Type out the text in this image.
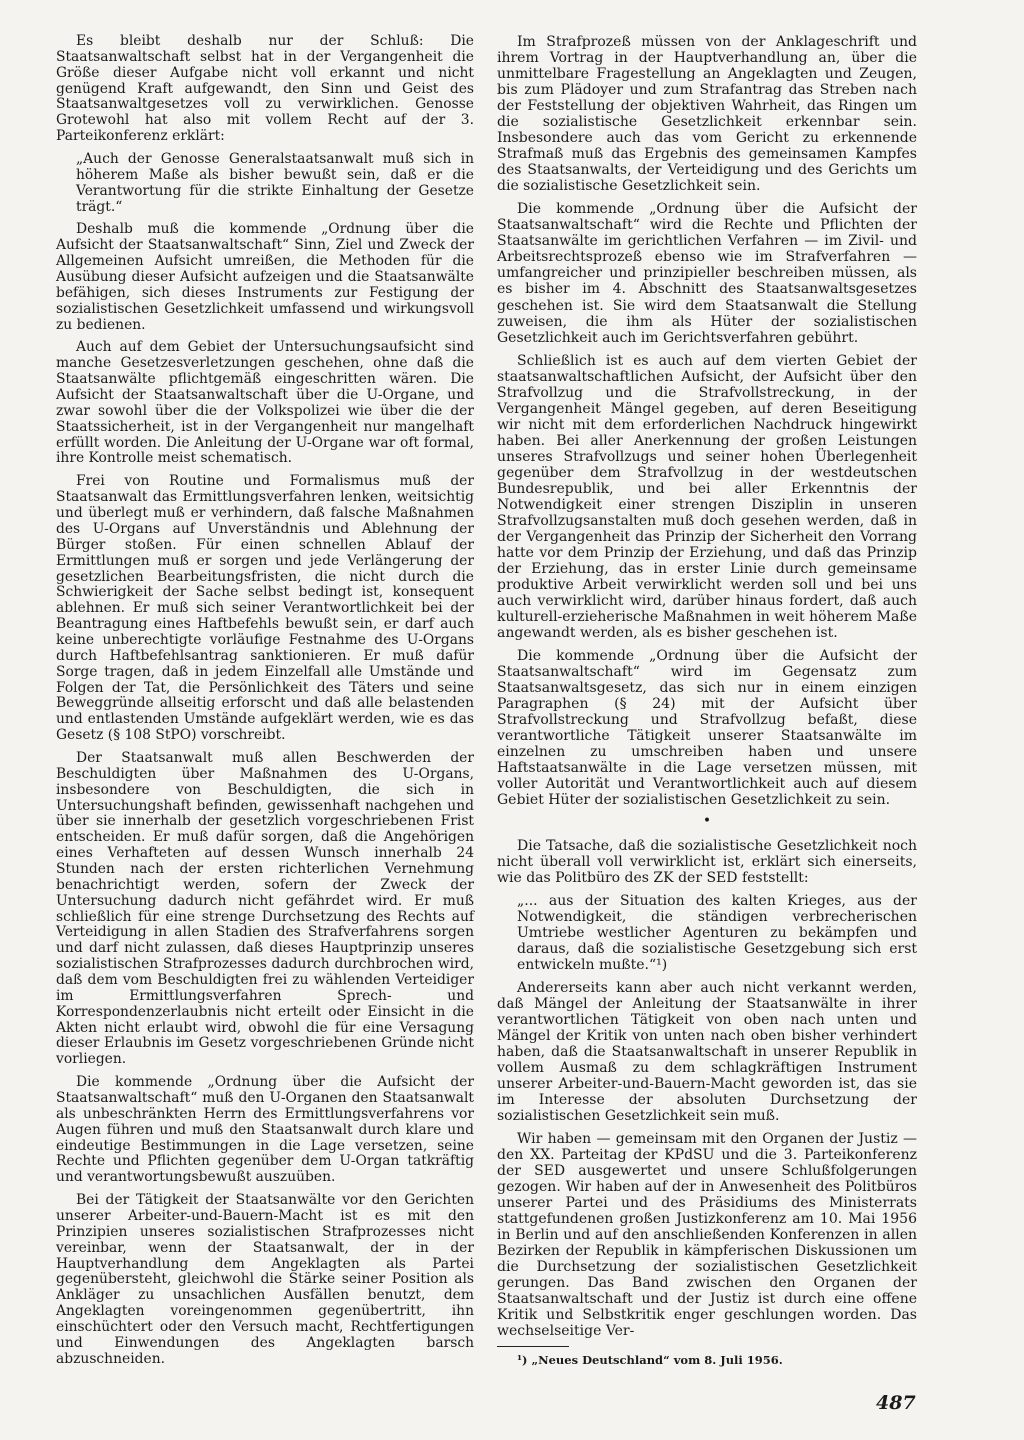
Es bleibt deshalb nur der Schluß: Die Staatsanwaltschaft selbst hat in der Vergangenheit die Größe dieser Aufgabe nicht voll erkannt und nicht genügend Kraft aufgewandt, den Sinn und Geist des Staatsanwaltgesetzes voll zu verwirklichen. Genosse Grotewohl hat also mit vollem Recht auf der 3. Parteikonferenz erklärt:

„Auch der Genosse Generalstaatsanwalt muß sich in höherem Maße als bisher bewußt sein, daß er die Verantwortung für die strikte Einhaltung der Gesetze trägt.“

Deshalb muß die kommende „Ordnung über die Aufsicht der Staatsanwaltschaft“ Sinn, Ziel und Zweck der Allgemeinen Aufsicht umreißen, die Methoden für die Ausübung dieser Aufsicht aufzeigen und die Staatsanwälte befähigen, sich dieses Instruments zur Festigung der sozialistischen Gesetzlichkeit umfassend und wirkungsvoll zu bedienen.

Auch auf dem Gebiet der Untersuchungsaufsicht sind manche Gesetzesverletzungen geschehen, ohne daß die Staatsanwälte pflichtgemäß eingeschritten wären. Die Aufsicht der Staatsanwaltschaft über die U-Organe, und zwar sowohl über die der Volkspolizei wie über die der Staatssicherheit, ist in der Vergangenheit nur mangelhaft erfüllt worden. Die Anleitung der U-Organe war oft formal, ihre Kontrolle meist schematisch.

Frei von Routine und Formalismus muß der Staatsanwalt das Ermittlungsverfahren lenken, weitsichtig und überlegt muß er verhindern, daß falsche Maßnahmen des U-Organs auf Unverständnis und Ablehnung der Bürger stoßen. Für einen schnellen Ablauf der Ermittlungen muß er sorgen und jede Verlängerung der gesetzlichen Bearbeitungsfristen, die nicht durch die Schwierigkeit der Sache selbst bedingt ist, konsequent ablehnen. Er muß sich seiner Verantwortlichkeit bei der Beantragung eines Haftbefehls bewußt sein, er darf auch keine unberechtigte vorläufige Festnahme des U-Organs durch Haftbefehlsantrag sanktionieren. Er muß dafür Sorge tragen, daß in jedem Einzelfall alle Umstände und Folgen der Tat, die Persönlichkeit des Täters und seine Beweggründe allseitig erforscht und daß alle belastenden und entlastenden Umstände aufgeklärt werden, wie es das Gesetz (§ 108 StPO) vorschreibt.

Der Staatsanwalt muß allen Beschwerden der Beschuldigten über Maßnahmen des U-Organs, insbesondere von Beschuldigten, die sich in Untersuchungshaft befinden, gewissenhaft nachgehen und über sie innerhalb der gesetzlich vorgeschriebenen Frist entscheiden. Er muß dafür sorgen, daß die Angehörigen eines Verhafteten auf dessen Wunsch innerhalb 24 Stunden nach der ersten richterlichen Vernehmung benachrichtigt werden, sofern der Zweck der Untersuchung dadurch nicht gefährdet wird. Er muß schließlich für eine strenge Durchsetzung des Rechts auf Verteidigung in allen Stadien des Strafverfahrens sorgen und darf nicht zulassen, daß dieses Hauptprinzip unseres sozialistischen Strafprozesses dadurch durchbrochen wird, daß dem vom Beschuldigten frei zu wählenden Verteidiger im Ermittlungsverfahren Sprech- und Korrespondenzerlaubnis nicht erteilt oder Einsicht in die Akten nicht erlaubt wird, obwohl die für eine Versagung dieser Erlaubnis im Gesetz vorgeschriebenen Gründe nicht vorliegen.

Die kommende „Ordnung über die Aufsicht der Staatsanwaltschaft“ muß den U-Organen den Staatsanwalt als unbeschränkten Herrn des Ermittlungsverfahrens vor Augen führen und muß den Staatsanwalt durch klare und eindeutige Bestimmungen in die Lage versetzen, seine Rechte und Pflichten gegenüber dem U-Organ tatkräftig und verantwortungsbewußt auszuüben.

Bei der Tätigkeit der Staatsanwälte vor den Gerichten unserer Arbeiter-und-Bauern-Macht ist es mit den Prinzipien unseres sozialistischen Strafprozesses nicht vereinbar, wenn der Staatsanwalt, der in der Hauptverhandlung dem Angeklagten als Partei gegenübersteht, gleichwohl die Stärke seiner Position als Ankläger zu unsachlichen Ausfällen benutzt, dem Angeklagten voreingenommen gegenübertritt, ihn einschüchtert oder den Versuch macht, Rechtfertigungen und Einwendungen des Angeklagten barsch abzuschneiden.

Im Strafprozeß müssen von der Anklageschrift und ihrem Vortrag in der Hauptverhandlung an, über die unmittelbare Fragestellung an Angeklagten und Zeugen, bis zum Plädoyer und zum Strafantrag das Streben nach der Feststellung der objektiven Wahrheit, das Ringen um die sozialistische Gesetzlichkeit erkennbar sein. Insbesondere auch das vom Gericht zu erkennende Strafmaß muß das Ergebnis des gemeinsamen Kampfes des Staatsanwalts, der Verteidigung und des Gerichts um die sozialistische Gesetzlichkeit sein.

Die kommende „Ordnung über die Aufsicht der Staatsanwaltschaft“ wird die Rechte und Pflichten der Staatsanwälte im gerichtlichen Verfahren — im Zivil- und Arbeitsrechtsprozeß ebenso wie im Strafverfahren — umfangreicher und prinzipieller beschreiben müssen, als es bisher im 4. Abschnitt des Staatsanwaltsgesetzes geschehen ist. Sie wird dem Staatsanwalt die Stellung zuweisen, die ihm als Hüter der sozialistischen Gesetzlichkeit auch im Gerichtsverfahren gebührt.

Schließlich ist es auch auf dem vierten Gebiet der staatsanwaltschaftlichen Aufsicht, der Aufsicht über den Strafvollzug und die Strafvollstreckung, in der Vergangenheit Mängel gegeben, auf deren Beseitigung wir nicht mit dem erforderlichen Nachdruck hingewirkt haben. Bei aller Anerkennung der großen Leistungen unseres Strafvollzugs und seiner hohen Überlegenheit gegenüber dem Strafvollzug in der westdeutschen Bundesrepublik, und bei aller Erkenntnis der Notwendigkeit einer strengen Disziplin in unseren Strafvollzugsanstalten muß doch gesehen werden, daß in der Vergangenheit das Prinzip der Sicherheit den Vorrang hatte vor dem Prinzip der Erziehung, und daß das Prinzip der Erziehung, das in erster Linie durch gemeinsame produktive Arbeit verwirklicht werden soll und bei uns auch verwirklicht wird, darüber hinaus fordert, daß auch kulturell-erzieherische Maßnahmen in weit höherem Maße angewandt werden, als es bisher geschehen ist.

Die kommende „Ordnung über die Aufsicht der Staatsanwaltschaft“ wird im Gegensatz zum Staatsanwaltsgesetz, das sich nur in einem einzigen Paragraphen (§ 24) mit der Aufsicht über Strafvollstreckung und Strafvollzug befaßt, diese verantwortliche Tätigkeit unserer Staatsanwälte im einzelnen zu umschreiben haben und unsere Haftstaatsanwälte in die Lage versetzen müssen, mit voller Autorität und Verantwortlichkeit auch auf diesem Gebiet Hüter der sozialistischen Gesetzlichkeit zu sein.

•

Die Tatsache, daß die sozialistische Gesetzlichkeit noch nicht überall voll verwirklicht ist, erklärt sich einerseits, wie das Politbüro des ZK der SED feststellt:

„... aus der Situation des kalten Krieges, aus der Notwendigkeit, die ständigen verbrecherischen Umtriebe westlicher Agenturen zu bekämpfen und daraus, daß die sozialistische Gesetzgebung sich erst entwickeln mußte.“¹)

Andererseits kann aber auch nicht verkannt werden, daß Mängel der Anleitung der Staatsanwälte in ihrer verantwortlichen Tätigkeit von oben nach unten und Mängel der Kritik von unten nach oben bisher verhindert haben, daß die Staatsanwaltschaft in unserer Republik in vollem Ausmaß zu dem schlagkräftigen Instrument unserer Arbeiter-und-Bauern-Macht geworden ist, das sie im Interesse der absoluten Durchsetzung der sozialistischen Gesetzlichkeit sein muß.

Wir haben — gemeinsam mit den Organen der Justiz — den XX. Parteitag der KPdSU und die 3. Parteikonferenz der SED ausgewertet und unsere Schlußfolgerungen gezogen. Wir haben auf der in Anwesenheit des Politbüros unserer Partei und des Präsidiums des Ministerrats stattgefundenen großen Justizkonferenz am 10. Mai 1956 in Berlin und auf den anschließenden Konferenzen in allen Bezirken der Republik in kämpferischen Diskussionen um die Durchsetzung der sozialistischen Gesetzlichkeit gerungen. Das Band zwischen den Organen der Staatsanwaltschaft und der Justiz ist durch eine offene Kritik und Selbstkritik enger geschlungen worden. Das wechselseitige Ver-

¹) „Neues Deutschland“ vom 8. Juli 1956.

487
